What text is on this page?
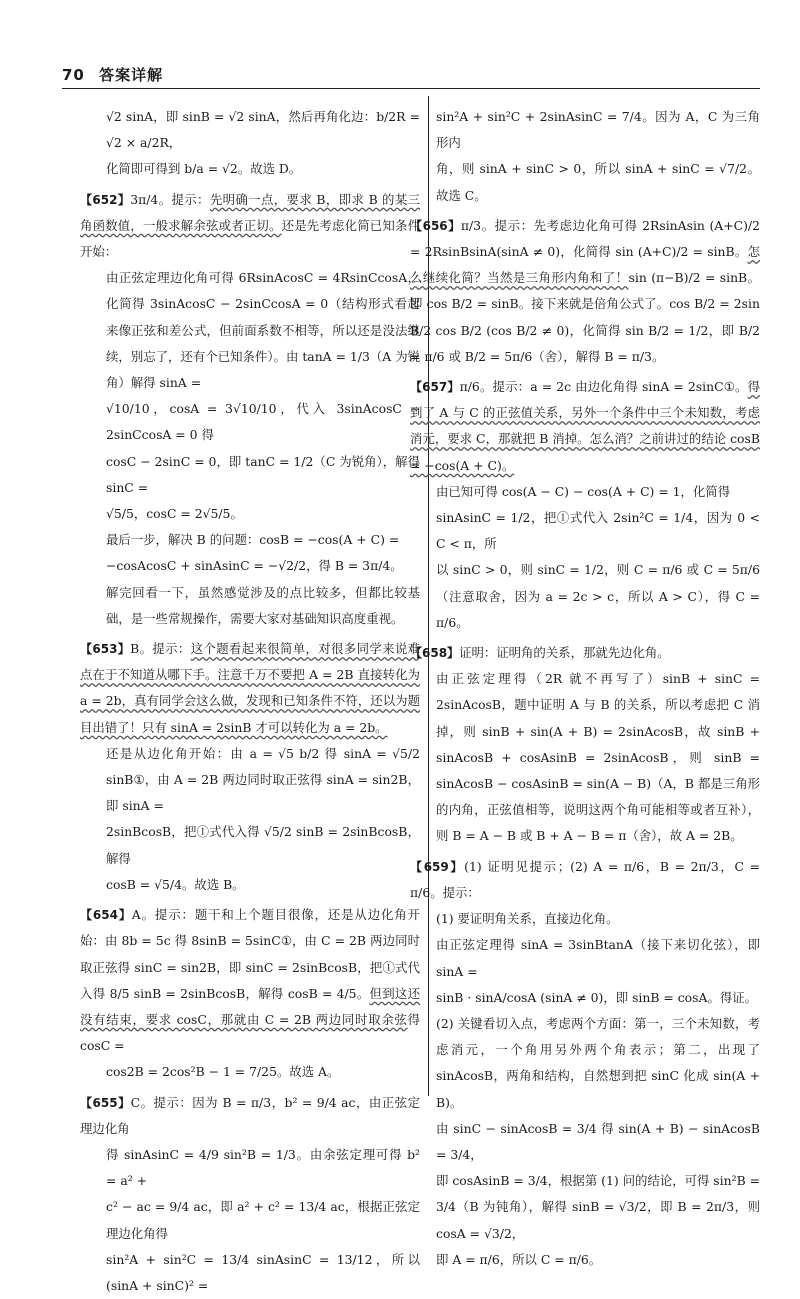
70 答案详解

√2 sinA，即 sinB = √2 sinA，然后再角化边：b/2R = √2 × a/2R，

化简即可得到 b/a = √2。故选 D。

【652】3π/4。提示：先明确一点，要求 B，即求 B 的某三角函数值，一般求解余弦或者正切。还是先考虑化简已知条件开始：

由正弦定理边化角可得 6RsinAcosC = 4RsinCcosA，化简得 3sinAcosC − 2sinCcosA = 0（结构形式看起来像正弦和差公式，但前面系数不相等，所以还是没法继续，别忘了，还有个已知条件）。由 tanA = 1/3（A 为锐角）解得 sinA =

√10/10，cosA = 3√10/10，代入 3sinAcosC − 2sinCcosA = 0 得

cosC − 2sinC = 0，即 tanC = 1/2（C 为锐角），解得 sinC =

√5/5，cosC = 2√5/5。

最后一步，解决 B 的问题：cosB = −cos(A + C) =

−cosAcosC + sinAsinC = −√2/2，得 B = 3π/4。

解完回看一下，虽然感觉涉及的点比较多，但都比较基础，是一些常规操作，需要大家对基础知识高度重视。

【653】B。提示：这个题看起来很简单，对很多同学来说难点在于不知道从哪下手。注意千万不要把 A = 2B 直接转化为 a = 2b，真有同学会这么做，发现和已知条件不符，还以为题目出错了！只有 sinA = 2sinB 才可以转化为 a = 2b。

还是从边化角开始：由 a = √5 b/2 得 sinA = √5/2 sinB①，由 A = 2B 两边同时取正弦得 sinA = sin2B，即 sinA =

2sinBcosB，把①式代入得 √5/2 sinB = 2sinBcosB，解得

cosB = √5/4。故选 B。

【654】A。提示：题干和上个题目很像，还是从边化角开始：由 8b = 5c 得 8sinB = 5sinC①，由 C = 2B 两边同时取正弦得 sinC = sin2B，即 sinC = 2sinBcosB，把①式代入得 8/5 sinB = 2sinBcosB，解得 cosB = 4/5。但到这还没有结束，要求 cosC，那就由 C = 2B 两边同时取余弦得 cosC =

cos2B = 2cos²B − 1 = 7/25。故选 A。

【655】C。提示：因为 B = π/3，b² = 9/4 ac，由正弦定理边化角

得 sinAsinC = 4/9 sin²B = 1/3。由余弦定理可得 b² = a² +

c² − ac = 9/4 ac，即 a² + c² = 13/4 ac，根据正弦定理边化角得

sin²A + sin²C = 13/4 sinAsinC = 13/12，所以 (sinA + sinC)² =

sin²A + sin²C + 2sinAsinC = 7/4。因为 A，C 为三角形内

角，则 sinA + sinC > 0，所以 sinA + sinC = √7/2。故选 C。

【656】π/3。提示：先考虑边化角可得 2RsinAsin (A+C)/2 = 2RsinBsinA(sinA ≠ 0)，化简得 sin (A+C)/2 = sinB。怎么继续化简？当然是三角形内角和了！sin (π−B)/2 = sinB。即 cos B/2 = sinB。接下来就是倍角公式了。cos B/2 = 2sin B/2 cos B/2 (cos B/2 ≠ 0)，化简得 sin B/2 = 1/2，即 B/2 = π/6 或 B/2 = 5π/6（舍），解得 B = π/3。

【657】π/6。提示：a = 2c 由边化角得 sinA = 2sinC①。得到了 A 与 C 的正弦值关系，另外一个条件中三个未知数，考虑消元，要求 C，那就把 B 消掉。怎么消？之前讲过的结论 cosB = −cos(A + C)。

由已知可得 cos(A − C) − cos(A + C) = 1，化简得

sinAsinC = 1/2，把①式代入 2sin²C = 1/4，因为 0 < C < π，所

以 sinC > 0，则 sinC = 1/2，则 C = π/6 或 C = 5π/6（注意取舍，因为 a = 2c > c，所以 A > C），得 C = π/6。

【658】证明：证明角的关系，那就先边化角。

由正弦定理得（2R 就不再写了）sinB + sinC = 2sinAcosB，题中证明 A 与 B 的关系，所以考虑把 C 消掉，则 sinB + sin(A + B) = 2sinAcosB，故 sinB + sinAcosB + cosAsinB = 2sinAcosB，则 sinB = sinAcosB − cosAsinB = sin(A − B)（A，B 都是三角形的内角，正弦值相等，说明这两个角可能相等或者互补），则 B = A − B 或 B + A − B = π（舍），故 A = 2B。

【659】(1) 证明见提示；(2) A = π/6，B = 2π/3，C = π/6。提示：

(1) 要证明角关系，直接边化角。

由正弦定理得 sinA = 3sinBtanA（接下来切化弦），即 sinA =

sinB · sinA/cosA (sinA ≠ 0)，即 sinB = cosA。得证。

(2) 关键看切入点，考虑两个方面：第一，三个未知数，考虑消元，一个角用另外两个角表示；第二，出现了 sinAcosB，两角和结构，自然想到把 sinC 化成 sin(A + B)。

由 sinC − sinAcosB = 3/4 得 sin(A + B) − sinAcosB = 3/4，

即 cosAsinB = 3/4，根据第 (1) 问的结论，可得 sin²B =

3/4（B 为钝角），解得 sinB = √3/2，即 B = 2π/3，则 cosA = √3/2，

即 A = π/6，所以 C = π/6。
